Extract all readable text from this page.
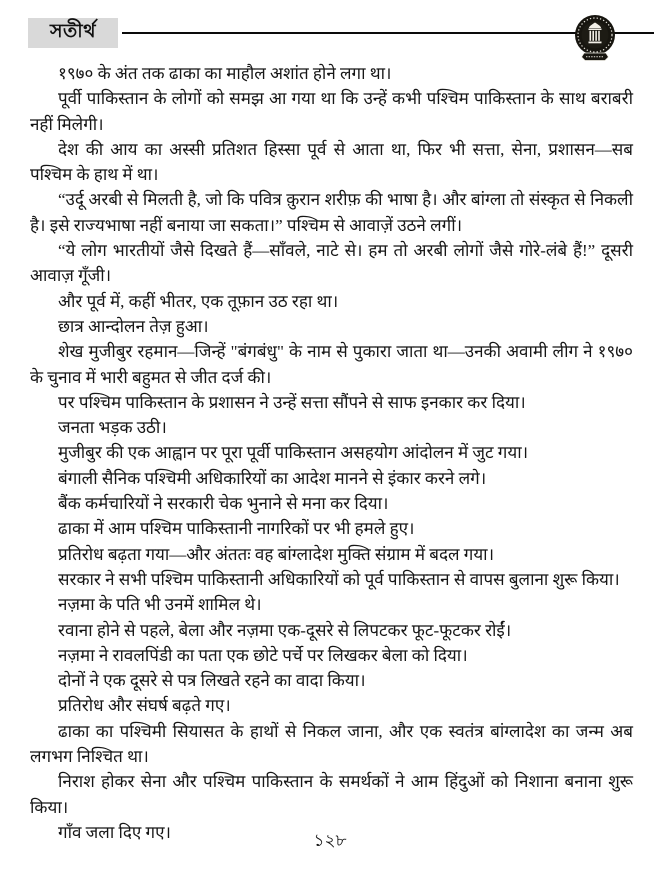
সতীর্থ

१९७० के अंत तक ढाका का माहौल अशांत होने लगा था।

पूर्वी पाकिस्तान के लोगों को समझ आ गया था कि उन्हें कभी पश्चिम पाकिस्तान के साथ बराबरी नहीं मिलेगी।

देश की आय का अस्सी प्रतिशत हिस्सा पूर्व से आता था, फिर भी सत्ता, सेना, प्रशासन—सब पश्चिम के हाथ में था।

“उर्दू अरबी से मिलती है, जो कि पवित्र क़ुरान शरीफ़ की भाषा है। और बांग्ला तो संस्कृत से निकली है। इसे राज्यभाषा नहीं बनाया जा सकता।” पश्चिम से आवाज़ें उठने लगीं।

“ये लोग भारतीयों जैसे दिखते हैं—साँवले, नाटे से। हम तो अरबी लोगों जैसे गोरे-लंबे हैं!” दूसरी आवाज़ गूँजी।

और पूर्व में, कहीं भीतर, एक तूफ़ान उठ रहा था।

छात्र आन्दोलन तेज़ हुआ।

शेख मुजीबुर रहमान—जिन्हें "बंगबंधु" के नाम से पुकारा जाता था—उनकी अवामी लीग ने १९७० के चुनाव में भारी बहुमत से जीत दर्ज की।

पर पश्चिम पाकिस्तान के प्रशासन ने उन्हें सत्ता सौंपने से साफ इनकार कर दिया।

जनता भड़क उठी।

मुजीबुर की एक आह्वान पर पूरा पूर्वी पाकिस्तान असहयोग आंदोलन में जुट गया।

बंगाली सैनिक पश्चिमी अधिकारियों का आदेश मानने से इंकार करने लगे।

बैंक कर्मचारियों ने सरकारी चेक भुनाने से मना कर दिया।

ढाका में आम पश्चिम पाकिस्तानी नागरिकों पर भी हमले हुए।

प्रतिरोध बढ़ता गया—और अंततः वह बांग्लादेश मुक्ति संग्राम में बदल गया।

सरकार ने सभी पश्चिम पाकिस्तानी अधिकारियों को पूर्व पाकिस्तान से वापस बुलाना शुरू किया।

नज़मा के पति भी उनमें शामिल थे।

रवाना होने से पहले, बेला और नज़मा एक-दूसरे से लिपटकर फूट-फूटकर रोईं।

नज़मा ने रावलपिंडी का पता एक छोटे पर्चे पर लिखकर बेला को दिया।

दोनों ने एक दूसरे से पत्र लिखते रहने का वादा किया।

प्रतिरोध और संघर्ष बढ़ते गए।

ढाका का पश्चिमी सियासत के हाथों से निकल जाना, और एक स्वतंत्र बांग्लादेश का जन्म अब लगभग निश्चित था।

निराश होकर सेना और पश्चिम पाकिस्तान के समर्थकों ने आम हिंदुओं को निशाना बनाना शुरू किया।

गाँव जला दिए गए।	১২৮
